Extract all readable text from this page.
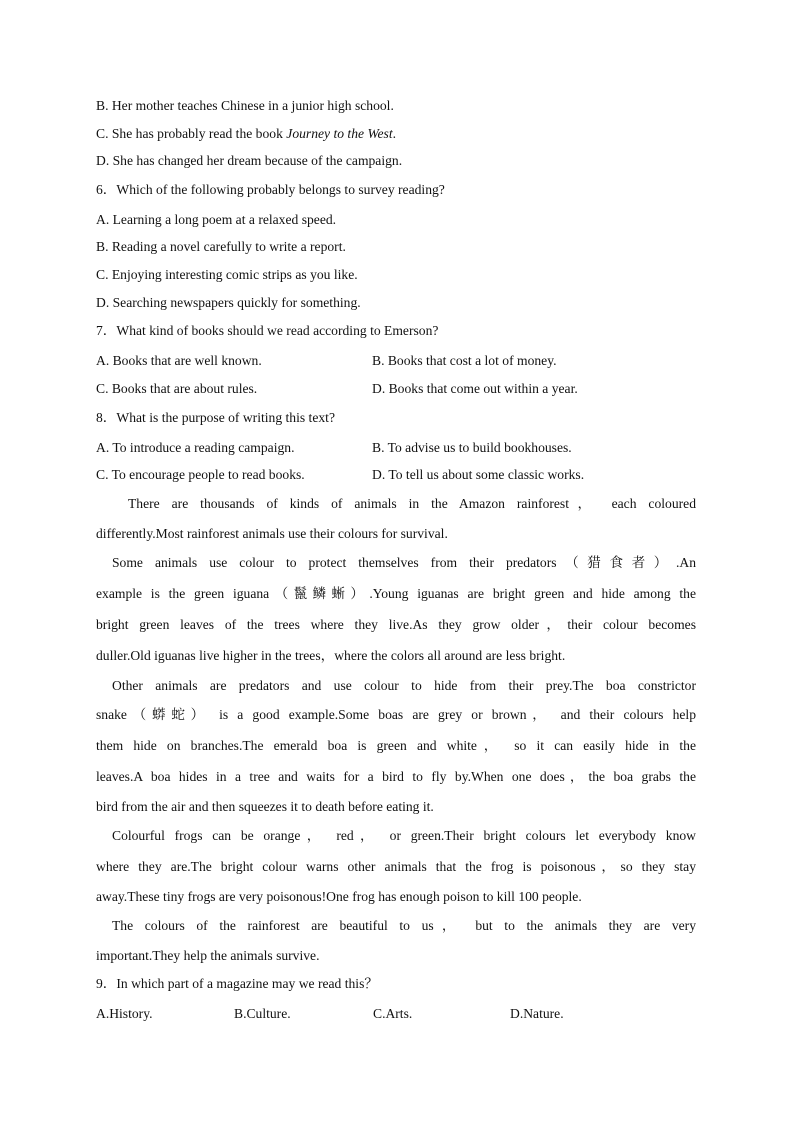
B. Her mother teaches Chinese in a junior high school.
C. She has probably read the book Journey to the West.
D. She has changed her dream because of the campaign.
6．Which of the following probably belongs to survey reading?
A. Learning a long poem at a relaxed speed.
B. Reading a novel carefully to write a report.
C. Enjoying interesting comic strips as you like.
D. Searching newspapers quickly for something.
7．What kind of books should we read according to Emerson?
A. Books that are well known.	B. Books that cost a lot of money.
C. Books that are about rules.	D. Books that come out within a year.
8．What is the purpose of writing this text?
A. To introduce a reading campaign.	B. To advise us to build bookhouses.
C. To encourage people to read books.	D. To tell us about some classic works.
There are thousands of kinds of animals in the Amazon rainforest， each coloured
differently.Most rainforest animals use their colours for survival.
Some animals use colour to protect themselves from their predators（猎食者）.An
example is the green iguana（鬣鳞蜥）.Young iguanas are bright green and hide among the
bright green leaves of the trees where they live.As they grow older，their colour becomes
duller.Old iguanas live higher in the trees，where the colors all around are less bright.
Other animals are predators and use colour to hide from their prey.The boa constrictor
snake（蟒蛇） is a good example.Some boas are grey or brown， and their colours help
them hide on branches.The emerald boa is green and white， so it can easily hide in the
leaves.A boa hides in a tree and waits for a bird to fly by.When one does，the boa grabs the
bird from the air and then squeezes it to death before eating it.
Colourful frogs can be orange， red， or green.Their bright colours let everybody know
where they are.The bright colour warns other animals that the frog is poisonous，so they stay
away.These tiny frogs are very poisonous!One frog has enough poison to kill 100 people.
The colours of the rainforest are beautiful to us， but to the animals they are very
important.They help the animals survive.
9．In which part of a magazine may we read this？
A.History.	B.Culture.	C.Arts.	D.Nature.
